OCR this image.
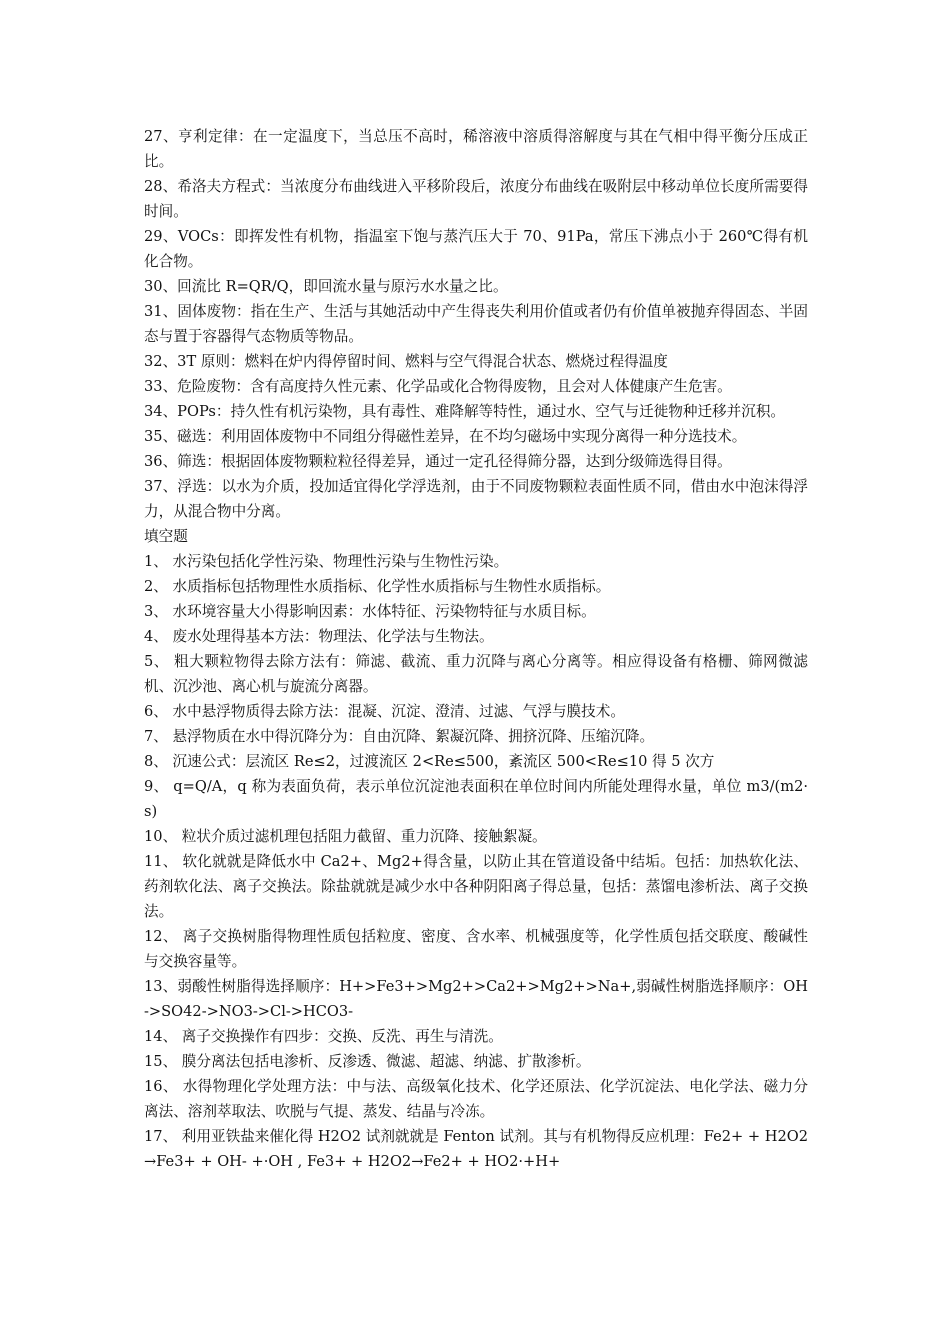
27、亨利定律：在一定温度下，当总压不高时，稀溶液中溶质得溶解度与其在气相中得平衡分压成正比。

28、希洛夫方程式：当浓度分布曲线进入平移阶段后，浓度分布曲线在吸附层中移动单位长度所需要得时间。

29、VOCs：即挥发性有机物，指温室下饱与蒸汽压大于 70、91Pa，常压下沸点小于 260℃得有机化合物。

30、回流比 R=QR/Q，即回流水量与原污水水量之比。

31、固体废物：指在生产、生活与其她活动中产生得丧失利用价值或者仍有价值单被抛弃得固态、半固态与置于容器得气态物质等物品。

32、3T 原则：燃料在炉内得停留时间、燃料与空气得混合状态、燃烧过程得温度

33、危险废物：含有高度持久性元素、化学品或化合物得废物，且会对人体健康产生危害。

34、POPs：持久性有机污染物，具有毒性、难降解等特性，通过水、空气与迁徙物种迁移并沉积。

35、磁选：利用固体废物中不同组分得磁性差异，在不均匀磁场中实现分离得一种分选技术。

36、筛选：根据固体废物颗粒粒径得差异，通过一定孔径得筛分器，达到分级筛选得目得。

37、浮选：以水为介质，投加适宜得化学浮选剂，由于不同废物颗粒表面性质不同，借由水中泡沫得浮力，从混合物中分离。

填空题

1、 水污染包括化学性污染、物理性污染与生物性污染。

2、 水质指标包括物理性水质指标、化学性水质指标与生物性水质指标。

3、 水环境容量大小得影响因素：水体特征、污染物特征与水质目标。

4、 废水处理得基本方法：物理法、化学法与生物法。

5、 粗大颗粒物得去除方法有：筛滤、截流、重力沉降与离心分离等。相应得设备有格栅、筛网微滤机、沉沙池、离心机与旋流分离器。

6、 水中悬浮物质得去除方法：混凝、沉淀、澄清、过滤、气浮与膜技术。

7、 悬浮物质在水中得沉降分为：自由沉降、絮凝沉降、拥挤沉降、压缩沉降。

8、 沉速公式：层流区 Re≤2，过渡流区 2<Re≤500，紊流区 500<Re≤10 得 5 次方

9、 q=Q/A，q 称为表面负荷，表示单位沉淀池表面积在单位时间内所能处理得水量，单位 m3/(m2·s)

10、 粒状介质过滤机理包括阻力截留、重力沉降、接触絮凝。

11、 软化就就是降低水中 Ca2+、Mg2+得含量，以防止其在管道设备中结垢。包括：加热软化法、药剂软化法、离子交换法。除盐就就是减少水中各种阴阳离子得总量，包括：蒸馏电渗析法、离子交换法。

12、 离子交换树脂得物理性质包括粒度、密度、含水率、机械强度等，化学性质包括交联度、酸碱性与交换容量等。

13、弱酸性树脂得选择顺序：H+>Fe3+>Mg2+>Ca2+>Mg2+>Na+,弱碱性树脂选择顺序：OH->SO42->NO3->Cl->HCO3-

14、 离子交换操作有四步：交换、反洗、再生与清洗。

15、 膜分离法包括电渗析、反渗透、微滤、超滤、纳滤、扩散渗析。

16、 水得物理化学处理方法：中与法、高级氧化技术、化学还原法、化学沉淀法、电化学法、磁力分离法、溶剂萃取法、吹脱与气提、蒸发、结晶与冷冻。

17、 利用亚铁盐来催化得 H2O2 试剂就就是 Fenton 试剂。其与有机物得反应机理：Fe2+ + H2O2→Fe3+ + OH- +·OH , Fe3+ + H2O2→Fe2+ + HO2·+H+
